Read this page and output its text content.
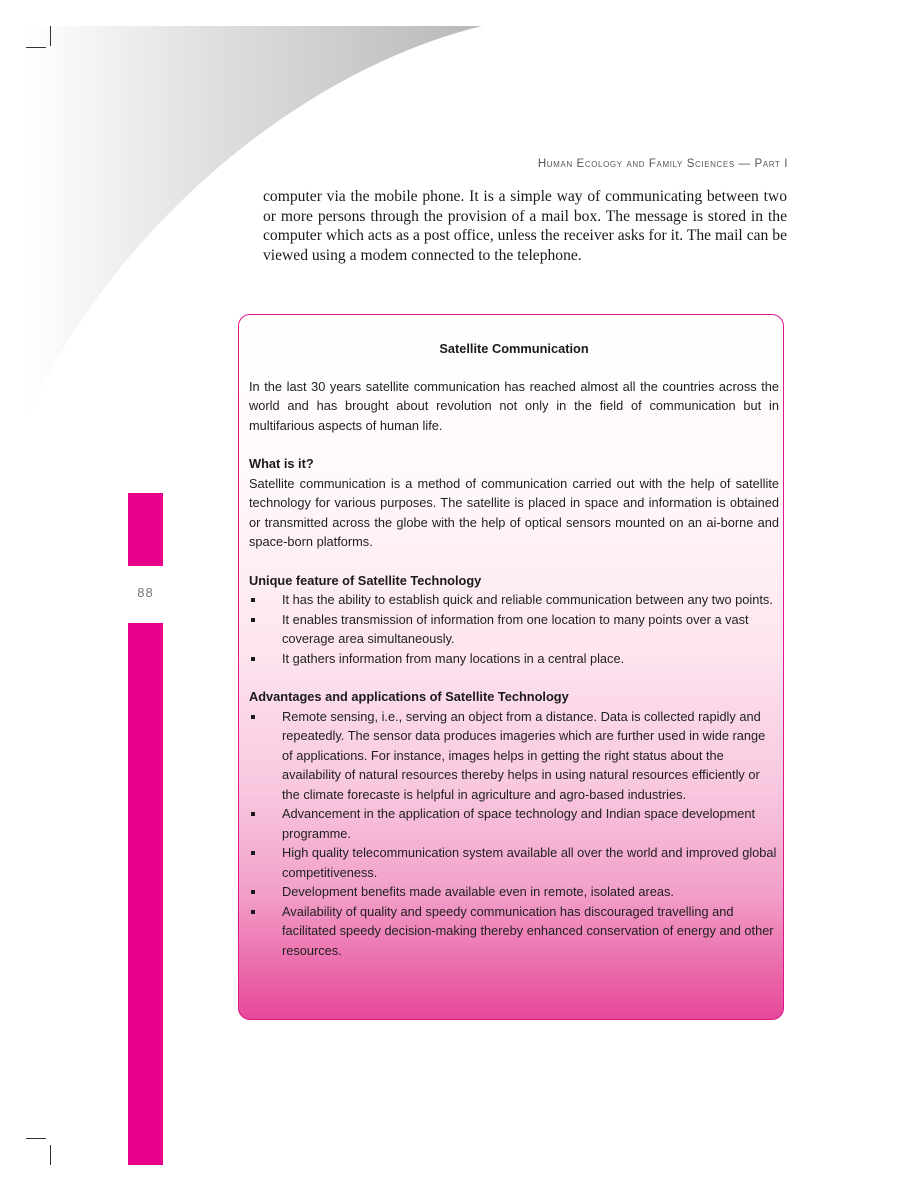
Human Ecology and Family Sciences — Part I

computer via the mobile phone. It is a simple way of communicating between two or more persons through the provision of a mail box. The message is stored in the computer which acts as a post office, unless the receiver asks for it. The mail can be viewed using a modem connected to the telephone.

88
Satellite Communication

In the last 30 years satellite communication has reached almost all the countries across the world and has brought about revolution not only in the field of communication but in multifarious aspects of human life.

What is it?

Satellite communication is a method of communication carried out with the help of satellite technology for various purposes. The satellite is placed in space and information is obtained or transmitted across the globe with the help of optical sensors mounted on an ai-borne and space-born platforms.

Unique feature of Satellite Technology

It has the ability to establish quick and reliable communication between any two points.
It enables transmission of information from one location to many points over a vast coverage area simultaneously.
It gathers information from many locations in a central place.

Advantages and applications of Satellite Technology

Remote sensing, i.e., serving an object from a distance. Data is collected rapidly and repeatedly. The sensor data produces imageries which are further used in wide range of applications. For instance, images helps in getting the right status about the availability of natural resources thereby helps in using natural resources efficiently or the climate forecaste is helpful in agriculture and agro-based industries.
Advancement in the application of space technology and Indian space development programme.
High quality telecommunication system available all over the world and improved global competitiveness.
Development benefits made available even in remote, isolated areas.
Availability of quality and speedy communication has discouraged travelling and facilitated speedy decision-making thereby enhanced conservation of energy and other resources.
